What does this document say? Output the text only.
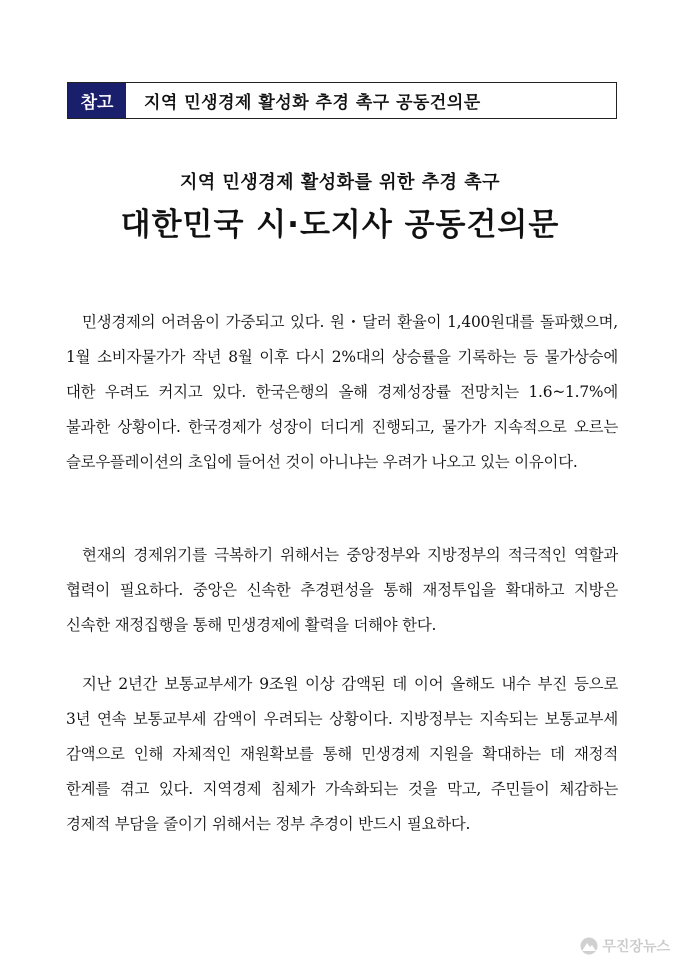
참고	지역 민생경제 활성화 추경 촉구 공동건의문
지역 민생경제 활성화를 위한 추경 촉구
대한민국 시·도지사 공동건의문

민생경제의 어려움이 가중되고 있다. 원・달러 환율이 1,400원대를 돌파했으며, 1월 소비자물가가 작년 8월 이후 다시 2%대의 상승률을 기록하는 등 물가상승에 대한 우려도 커지고 있다. 한국은행의 올해 경제성장률 전망치는 1.6~1.7%에 불과한 상황이다. 한국경제가 성장이 더디게 진행되고, 물가가 지속적으로 오르는 슬로우플레이션의 초입에 들어선 것이 아니냐는 우려가 나오고 있는 이유이다.

현재의 경제위기를 극복하기 위해서는 중앙정부와 지방정부의 적극적인 역할과 협력이 필요하다. 중앙은 신속한 추경편성을 통해 재정투입을 확대하고 지방은 신속한 재정집행을 통해 민생경제에 활력을 더해야 한다.

지난 2년간 보통교부세가 9조원 이상 감액된 데 이어 올해도 내수 부진 등으로 3년 연속 보통교부세 감액이 우려되는 상황이다. 지방정부는 지속되는 보통교부세 감액으로 인해 자체적인 재원확보를 통해 민생경제 지원을 확대하는 데 재정적 한계를 겪고 있다. 지역경제 침체가 가속화되는 것을 막고, 주민들이 체감하는 경제적 부담을 줄이기 위해서는 정부 추경이 반드시 필요하다.

무진장뉴스
